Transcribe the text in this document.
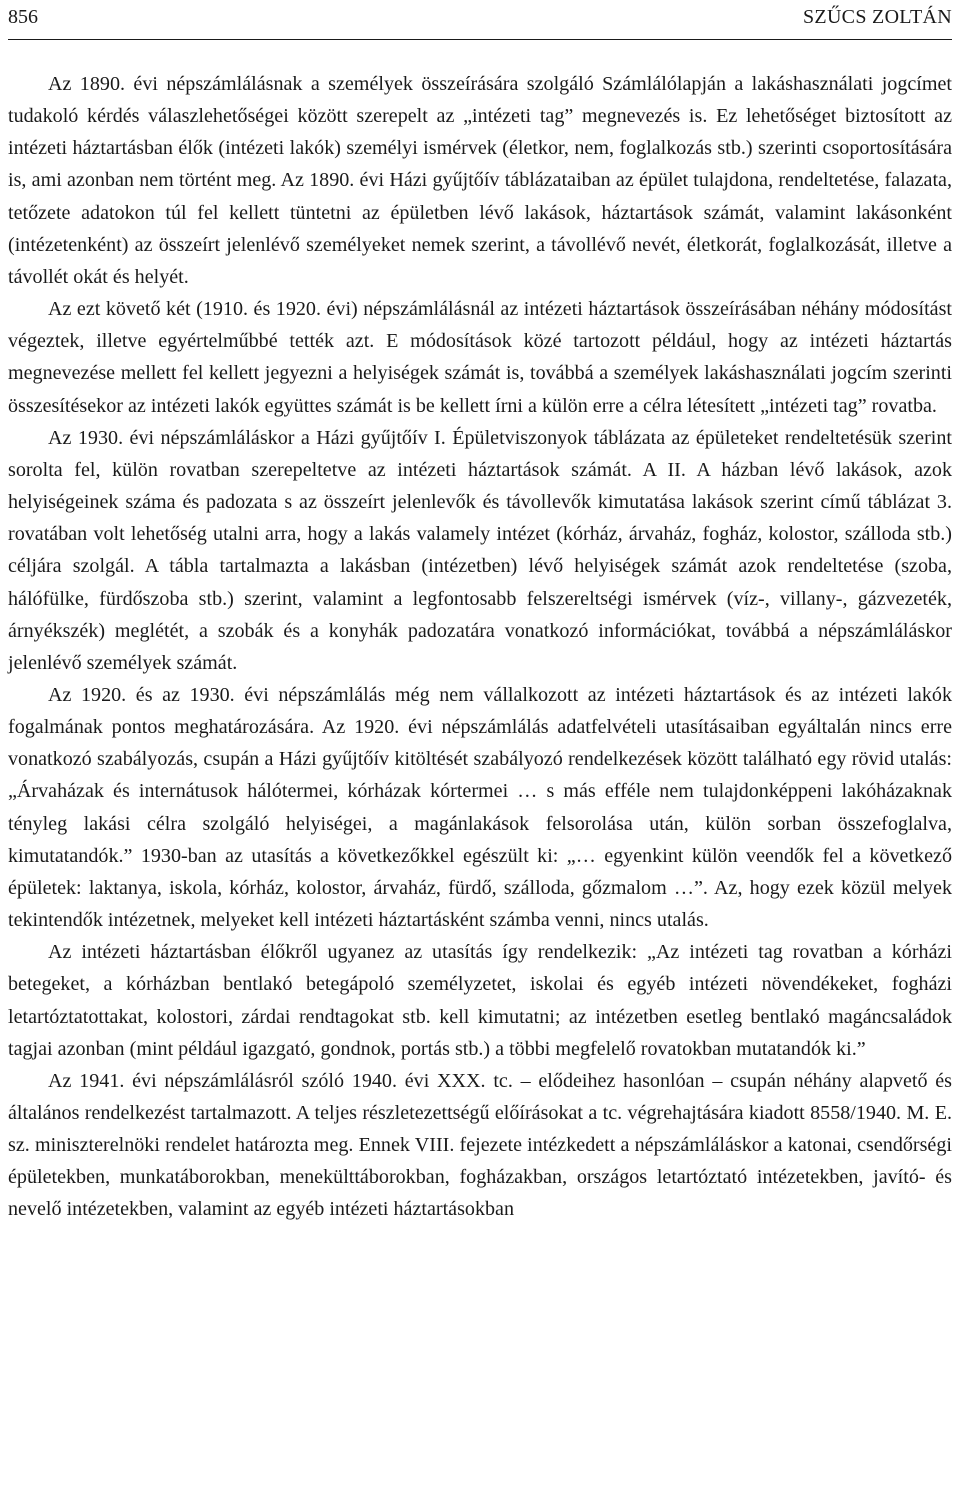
856	SZŰCS ZOLTÁN

Az 1890. évi népszámlálásnak a személyek összeírására szolgáló Számlálólapján a lakáshasználati jogcímet tudakoló kérdés válaszlehetőségei között szerepelt az „intézeti tag” megnevezés is. Ez lehetőséget biztosított az intézeti háztartásban élők (intézeti lakók) személyi ismérvek (életkor, nem, foglalkozás stb.) szerinti csoportosítására is, ami azonban nem történt meg. Az 1890. évi Házi gyűjtőív táblázataiban az épület tulajdona, rendeltetése, falazata, tetőzete adatokon túl fel kellett tüntetni az épületben lévő lakások, háztartások számát, valamint lakásonként (intézetenként) az összeírt jelenlévő személyeket nemek szerint, a távollévő nevét, életkorát, foglalkozását, illetve a távollét okát és helyét.

Az ezt követő két (1910. és 1920. évi) népszámlálásnál az intézeti háztartások összeírásában néhány módosítást végeztek, illetve egyértelműbbé tették azt. E módosítások közé tartozott például, hogy az intézeti háztartás megnevezése mellett fel kellett jegyezni a helyiségek számát is, továbbá a személyek lakáshasználati jogcím szerinti összesítésekor az intézeti lakók együttes számát is be kellett írni a külön erre a célra létesített „intézeti tag” rovatba.

Az 1930. évi népszámláláskor a Házi gyűjtőív I. Épületviszonyok táblázata az épületeket rendeltetésük szerint sorolta fel, külön rovatban szerepeltetve az intézeti háztartások számát. A II. A házban lévő lakások, azok helyiségeinek száma és padozata s az összeírt jelenlevők és távollevők kimutatása lakások szerint című táblázat 3. rovatában volt lehetőség utalni arra, hogy a lakás valamely intézet (kórház, árvaház, fogház, kolostor, szálloda stb.) céljára szolgál. A tábla tartalmazta a lakásban (intézetben) lévő helyiségek számát azok rendeltetése (szoba, hálófülke, fürdőszoba stb.) szerint, valamint a legfontosabb felszereltségi ismérvek (víz-, villany-, gázvezeték, árnyékszék) meglétét, a szobák és a konyhák padozatára vonatkozó információkat, továbbá a népszámláláskor jelenlévő személyek számát.

Az 1920. és az 1930. évi népszámlálás még nem vállalkozott az intézeti háztartások és az intézeti lakók fogalmának pontos meghatározására. Az 1920. évi népszámlálás adatfelvételi utasításaiban egyáltalán nincs erre vonatkozó szabályozás, csupán a Házi gyűjtőív kitöltését szabályozó rendelkezések között található egy rövid utalás: „Árvaházak és internátusok hálótermei, kórházak kórtermei … s más efféle nem tulajdonképpeni lakóházaknak tényleg lakási célra szolgáló helyiségei, a magánlakások felsorolása után, külön sorban összefoglalva, kimutatandók.” 1930-ban az utasítás a következőkkel egészült ki: „… egyenkint külön veendők fel a következő épületek: laktanya, iskola, kórház, kolostor, árvaház, fürdő, szálloda, gőzmalom …”. Az, hogy ezek közül melyek tekintendők intézetnek, melyeket kell intézeti háztartásként számba venni, nincs utalás.

Az intézeti háztartásban élőkről ugyanez az utasítás így rendelkezik: „Az intézeti tag rovatban a kórházi betegeket, a kórházban bentlakó betegápoló személyzetet, iskolai és egyéb intézeti növendékeket, fogházi letartóztatottakat, kolostori, zárdai rendtagokat stb. kell kimutatni; az intézetben esetleg bentlakó magáncsaládok tagjai azonban (mint például igazgató, gondnok, portás stb.) a többi megfelelő rovatokban mutatandók ki.”

Az 1941. évi népszámlálásról szóló 1940. évi XXX. tc. – elődeihez hasonlóan – csupán néhány alapvető és általános rendelkezést tartalmazott. A teljes részletezettségű előírásokat a tc. végrehajtására kiadott 8558/1940. M. E. sz. miniszterelnöki rendelet határozta meg. Ennek VIII. fejezete intézkedett a népszámláláskor a katonai, csendőrségi épületekben, munkatáborokban, menekülttáborokban, fogházakban, országos letartóztató intézetekben, javító- és nevelő intézetekben, valamint az egyéb intézeti háztartásokban
